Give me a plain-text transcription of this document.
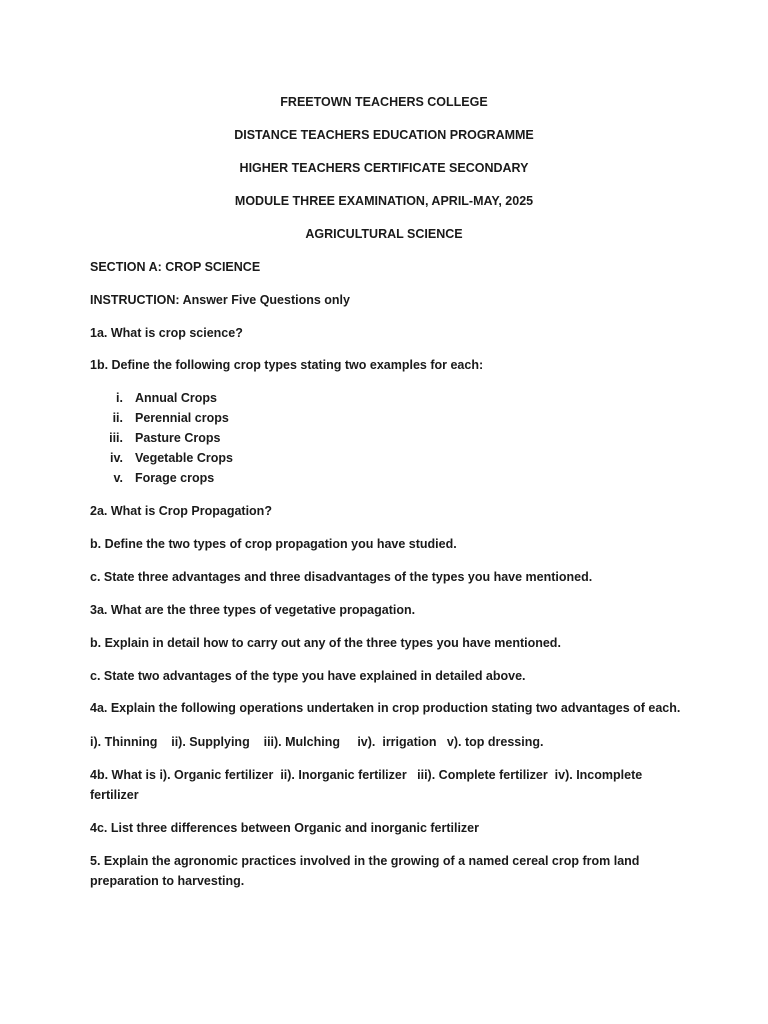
FREETOWN TEACHERS COLLEGE
DISTANCE TEACHERS EDUCATION PROGRAMME
HIGHER TEACHERS CERTIFICATE SECONDARY
MODULE THREE EXAMINATION, APRIL-MAY, 2025
AGRICULTURAL SCIENCE
SECTION A: CROP SCIENCE
INSTRUCTION: Answer Five Questions only
1a. What is crop science?
1b. Define the following crop types stating two examples for each:
i. Annual Crops
ii. Perennial crops
iii. Pasture Crops
iv. Vegetable Crops
v. Forage crops
2a. What is Crop Propagation?
b. Define the two types of crop propagation you have studied.
c. State three advantages and three disadvantages of the types you have mentioned.
3a. What are the three types of vegetative propagation.
b. Explain in detail how to carry out any of the three types you have mentioned.
c. State two advantages of the type you have explained in detailed above.
4a. Explain the following operations undertaken in crop production stating two advantages of each.
i). Thinning    ii). Supplying    iii). Mulching     iv).  irrigation   v). top dressing.
4b. What is i). Organic fertilizer  ii). Inorganic fertilizer   iii). Complete fertilizer  iv). Incomplete
fertilizer
4c. List three differences between Organic and inorganic fertilizer
5. Explain the agronomic practices involved in the growing of a named cereal crop from land
preparation to harvesting.
